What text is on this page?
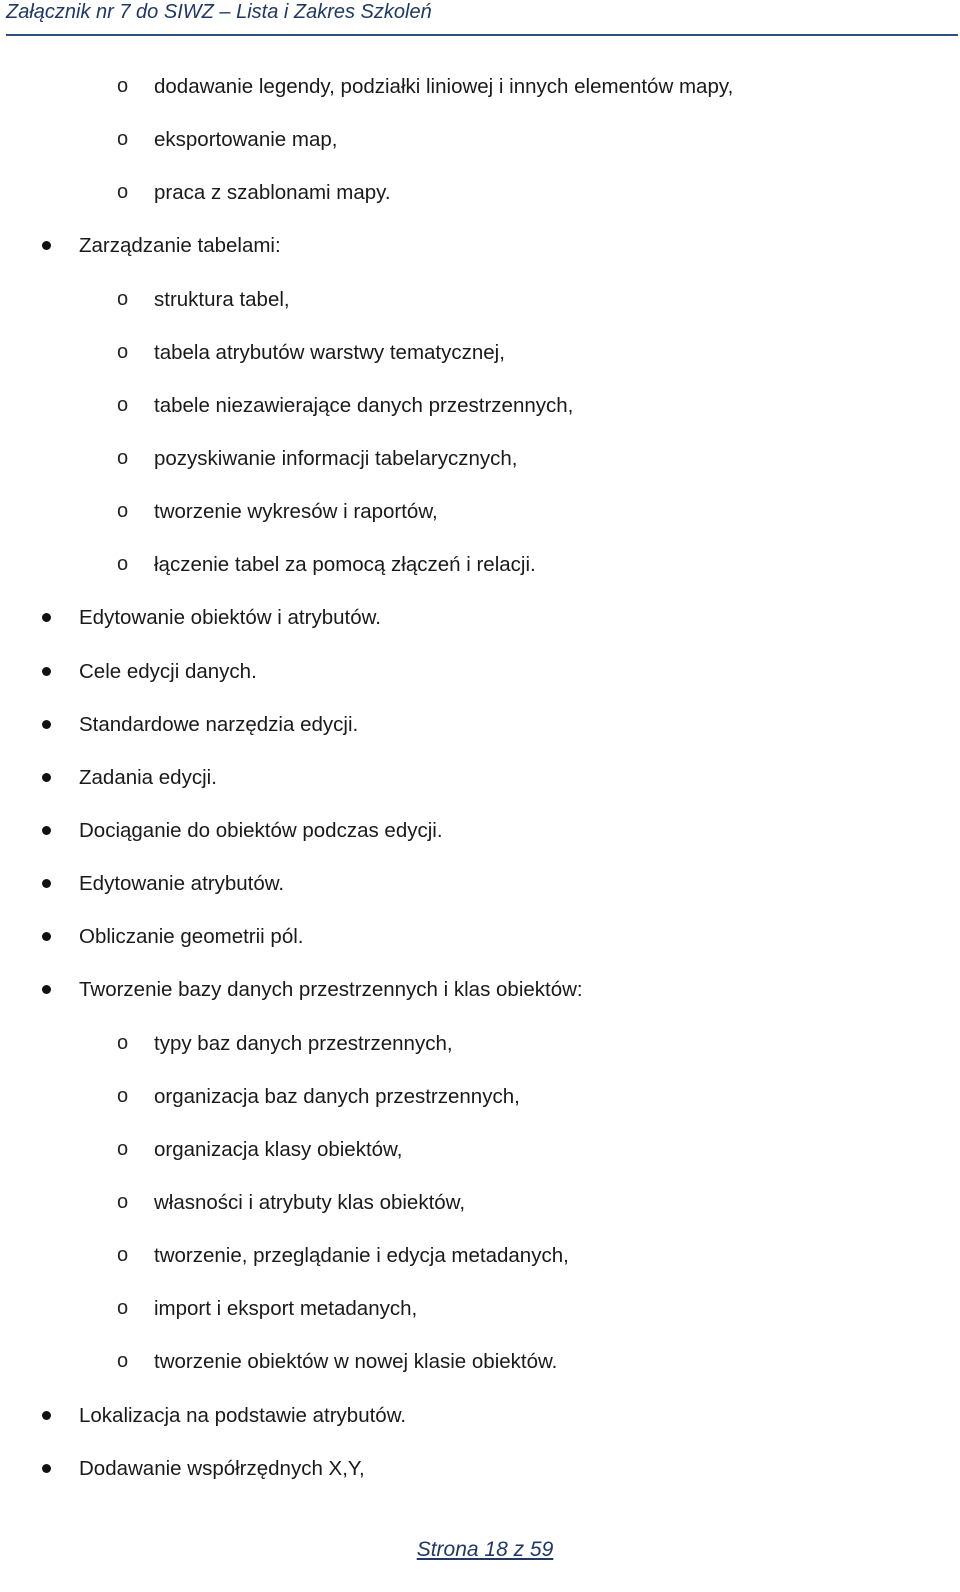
Załącznik nr 7 do SIWZ – Lista i Zakres Szkoleń
o dodawanie legendy, podziałki liniowej i innych elementów mapy,
o eksportowanie map,
o praca z szablonami mapy.
Zarządzanie tabelami:
o struktura tabel,
o tabela atrybutów warstwy tematycznej,
o tabele niezawierające danych przestrzennych,
o pozyskiwanie informacji tabelarycznych,
o tworzenie wykresów i raportów,
o łączenie tabel za pomocą złączeń i relacji.
Edytowanie obiektów i atrybutów.
Cele edycji danych.
Standardowe narzędzia edycji.
Zadania edycji.
Dociąganie do obiektów podczas edycji.
Edytowanie atrybutów.
Obliczanie geometrii pól.
Tworzenie bazy danych przestrzennych i klas obiektów:
o typy baz danych przestrzennych,
o organizacja baz danych przestrzennych,
o organizacja klasy obiektów,
o własności i atrybuty klas obiektów,
o tworzenie, przeglądanie i edycja metadanych,
o import i eksport metadanych,
o tworzenie obiektów w nowej klasie obiektów.
Lokalizacja na podstawie atrybutów.
Dodawanie współrzędnych X,Y,
Strona 18 z 59
